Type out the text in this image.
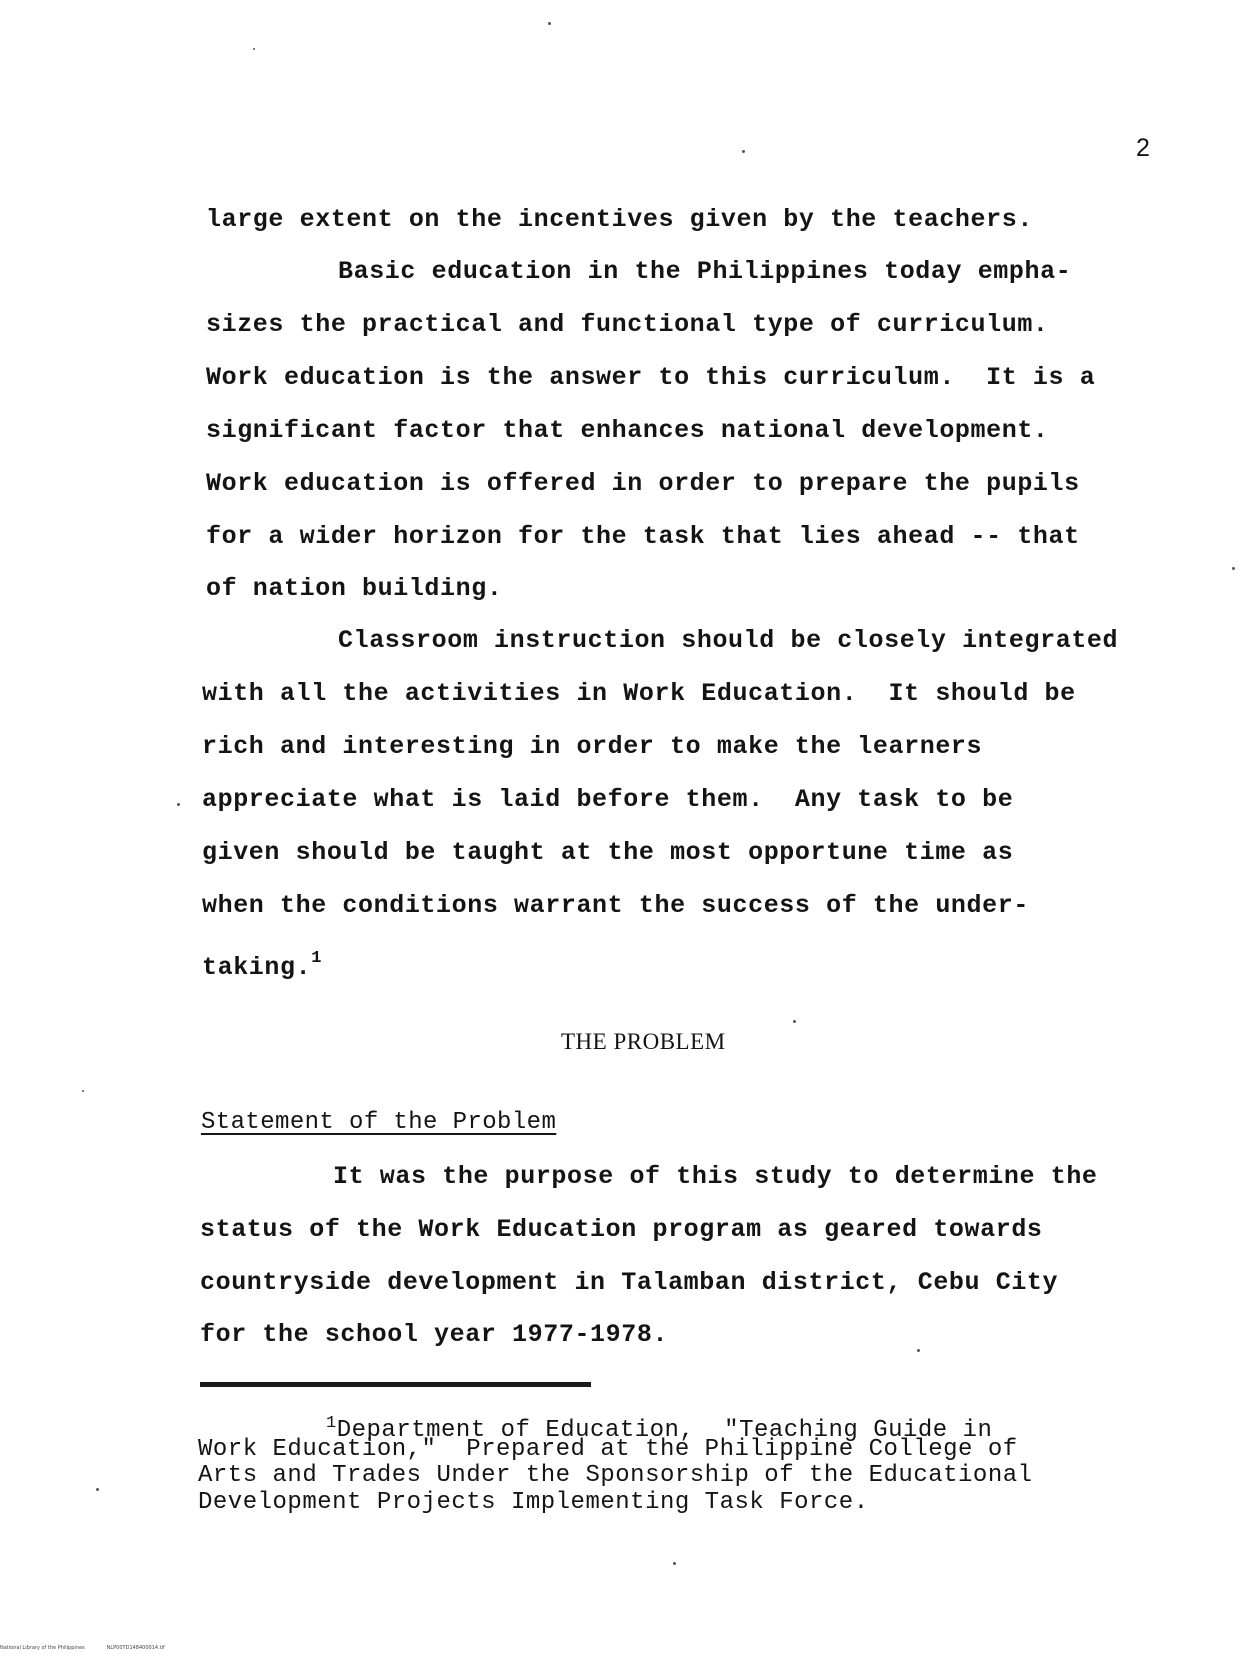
2
large extent on the incentives given by the teachers.
Basic education in the Philippines today empha-
sizes the practical and functional type of curriculum.
Work education is the answer to this curriculum.  It is a
significant factor that enhances national development.
Work education is offered in order to prepare the pupils
for a wider horizon for the task that lies ahead -- that
of nation building.
Classroom instruction should be closely integrated
with all the activities in Work Education.  It should be
rich and interesting in order to make the learners
appreciate what is laid before them.  Any task to be
given should be taught at the most opportune time as
when the conditions warrant the success of the under-
taking.$^1$
THE PROBLEM
Statement of the Problem
It was the purpose of this study to determine the
status of the Work Education program as geared towards
countryside development in Talamban district, Cebu City
for the school year 1977-1978.
$^1$Department of Education,  "Teaching Guide in
Work Education,"  Prepared at the Philippine College of
Arts and Trades Under the Sponsorship of the Educational
Development Projects Implementing Task Force.
National Library of the Philippines	NLP00TD148400014.tif
